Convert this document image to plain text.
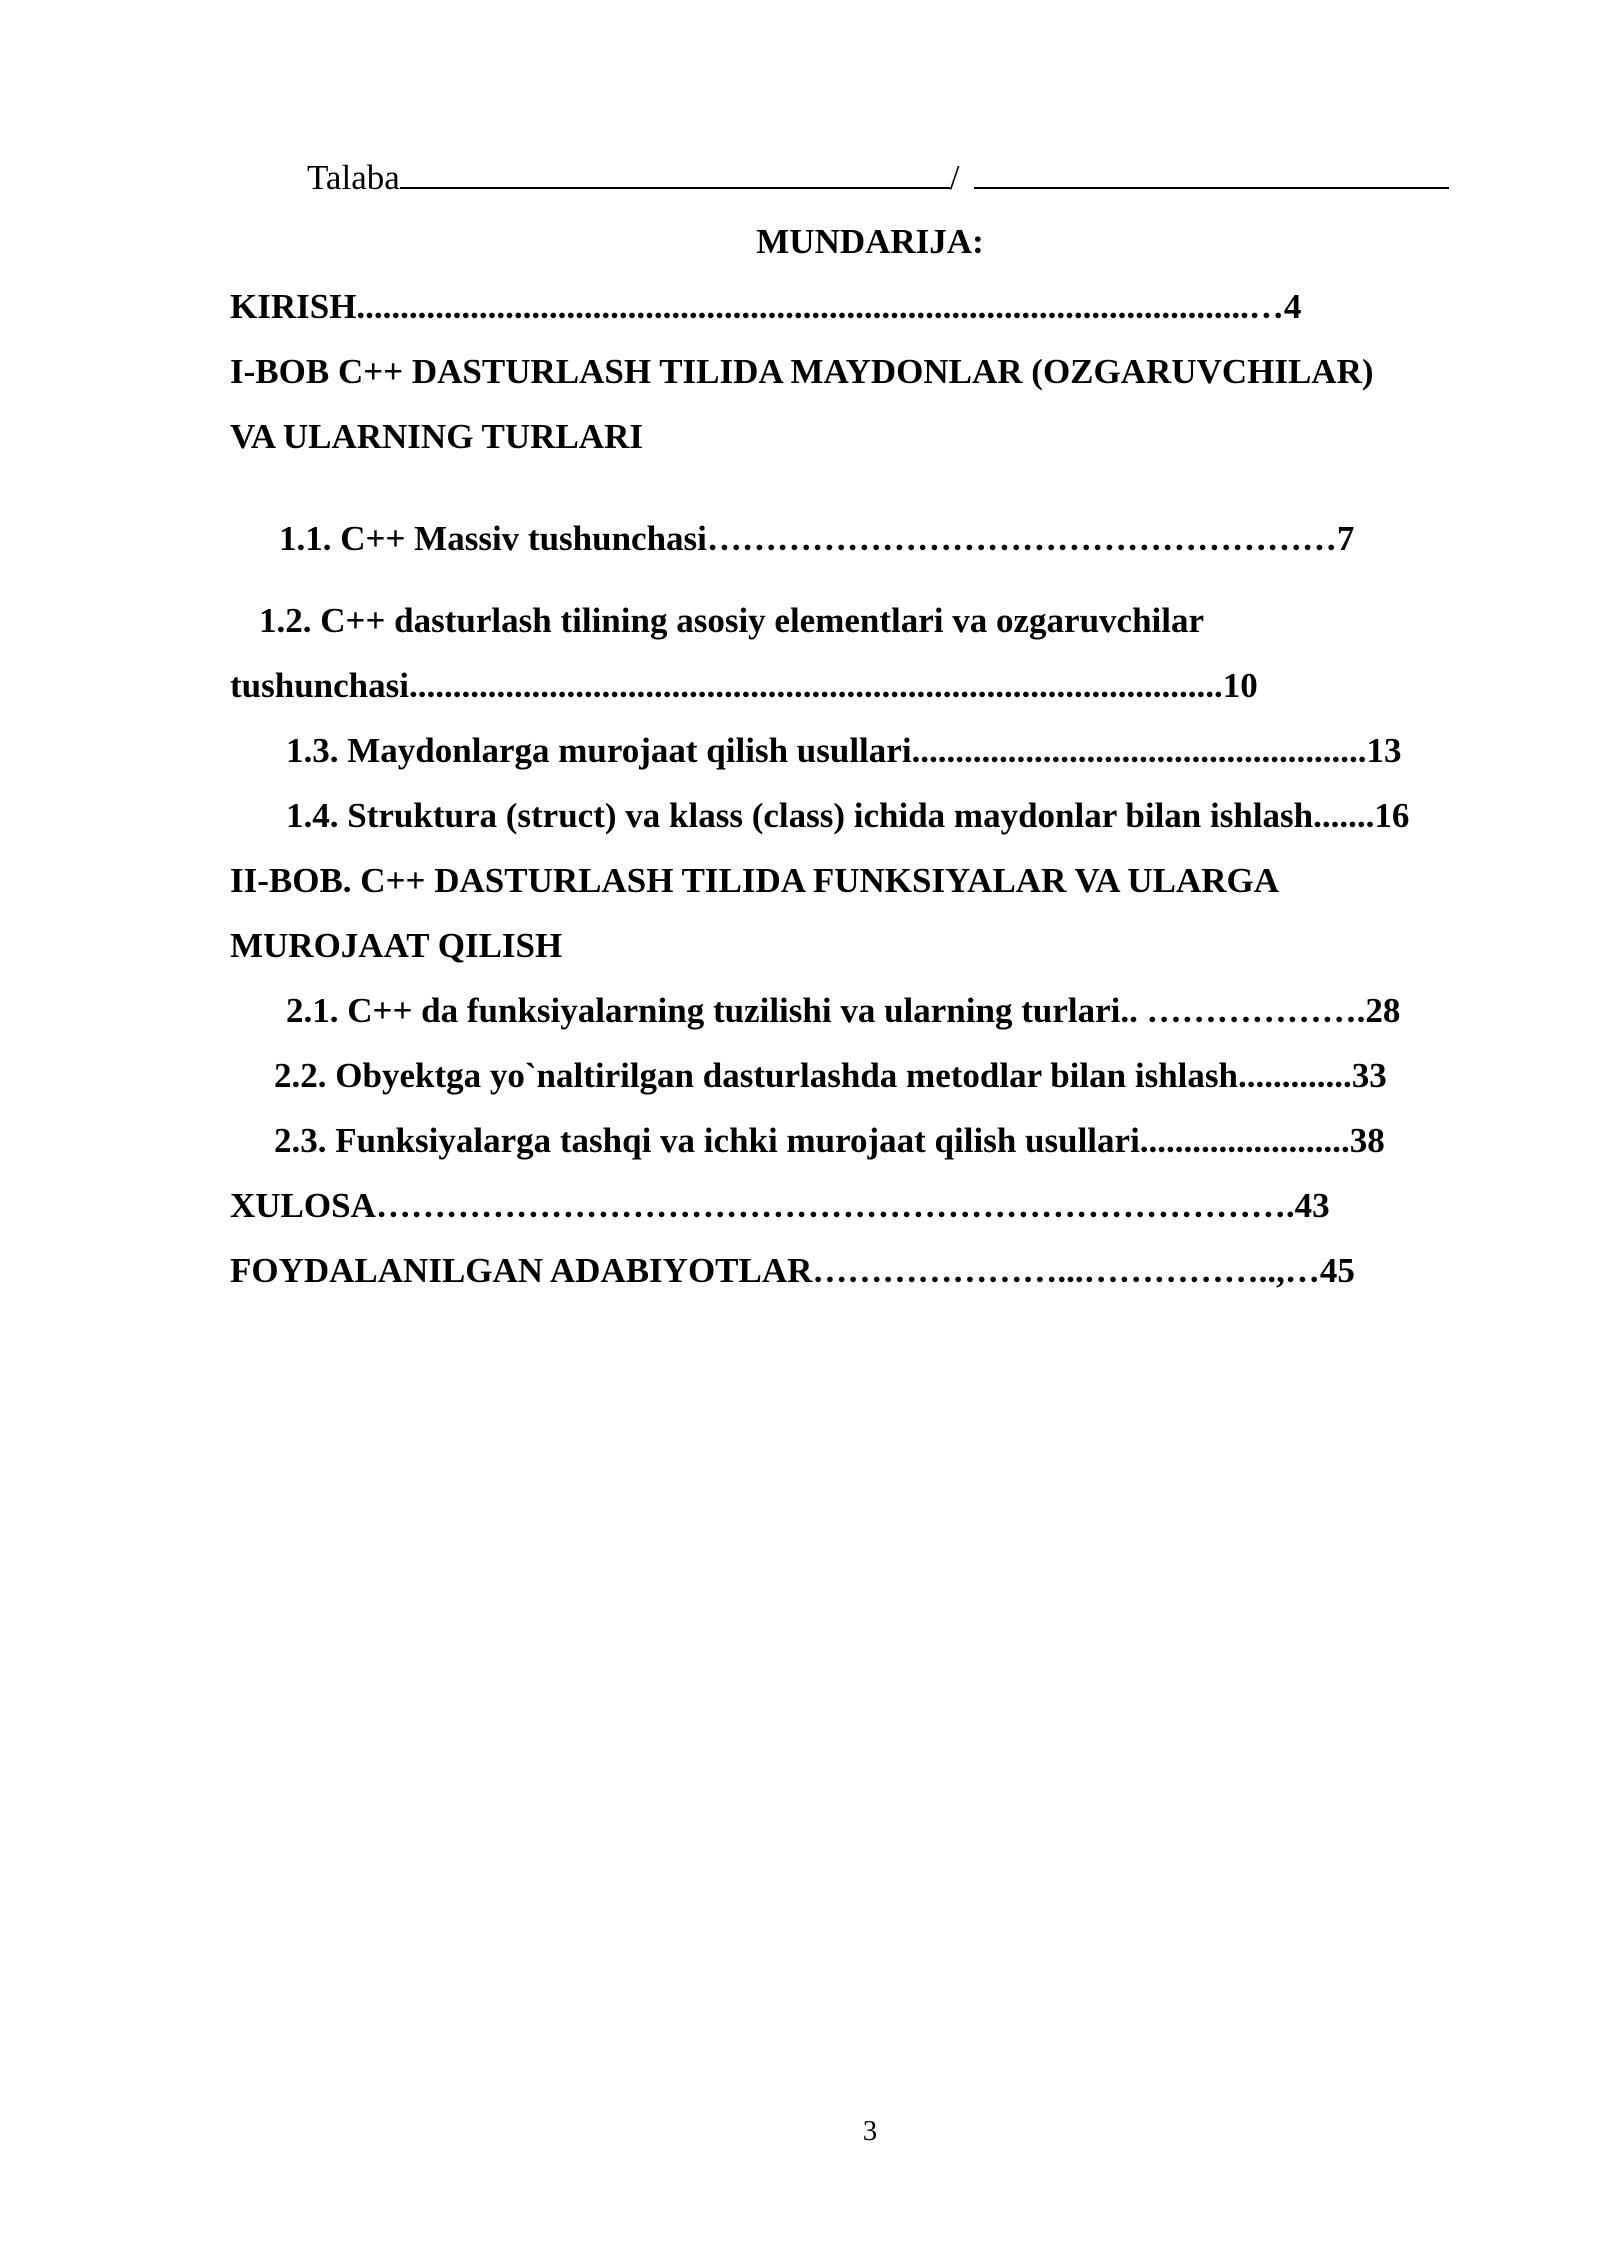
Talaba	/
MUNDARIJA:
KIRISH......................................................................................................…4
I-BOB C++ DASTURLASH TILIDA MAYDONLAR (OZGARUVCHILAR)
VA ULARNING TURLARI
1.1. C++ Massiv tushunchasi………………………………………………7
1.2. C++ dasturlash tilining asosiy elementlari va ozgaruvchilar
tushunchasi.............................................................................................10
1.3. Maydonlarga murojaat qilish usullari....................................................13
1.4. Struktura (struct) va klass (class) ichida maydonlar bilan ishlash.......16
II-BOB. C++ DASTURLASH TILIDA FUNKSIYALAR VA ULARGA
MUROJAAT QILISH
2.1. C++ da funksiyalarning tuzilishi va ularning turlari.. ……………….28
2.2. Obyektga yo`naltirilgan dasturlashda metodlar bilan ishlash.............33
2.3. Funksiyalarga tashqi va ichki murojaat qilish usullari........................38
XULOSA…………………………………………………………………….43
FOYDALANILGAN ADABIYOTLAR…………………...……………..,…45
3
